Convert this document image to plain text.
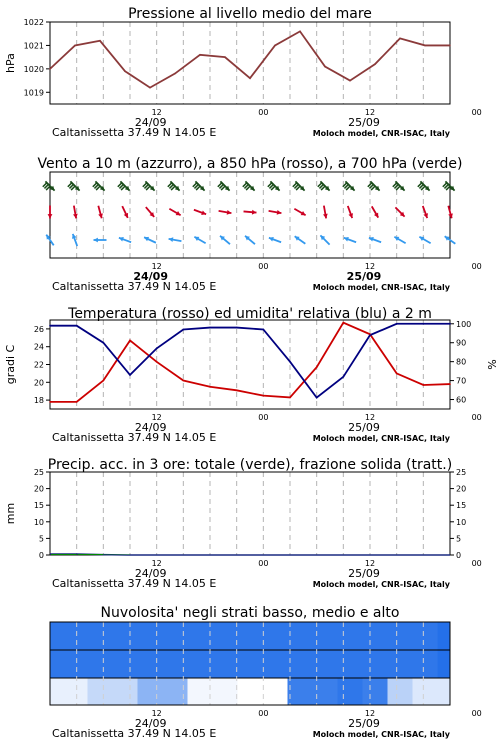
Pressione al livello medio del mare
12	00	12	00
24/09	25/09
Caltanissetta 37.49 N 14.05 E	Moloch model, CNR-ISAC, Italy
1019
1020
1021
1022
hPa
Vento a 10 m (azzurro), a 850 hPa (rosso), a 700 hPa (verde)
12	00	12	00
24/09	25/09
Caltanissetta 37.49 N 14.05 E	Moloch model, CNR-ISAC, Italy
Temperatura (rosso) ed umidita' relativa (blu) a 2 m
12	00	12	00
24/09	25/09
Caltanissetta 37.49 N 14.05 E	Moloch model, CNR-ISAC, Italy
18
20
22
24
26
60
70
80
90
100
gradi C	%
Precip. acc. in 3 ore: totale (verde), frazione solida (tratt.)
12	00	12	00
24/09	25/09
Caltanissetta 37.49 N 14.05 E	Moloch model, CNR-ISAC, Italy
0	0
5	5
10	10
15	15
20	20
25	25
mm
Nuvolosita' negli strati basso, medio e alto
12	00	12	00
24/09	25/09
Caltanissetta 37.49 N 14.05 E	Moloch model, CNR-ISAC, Italy
